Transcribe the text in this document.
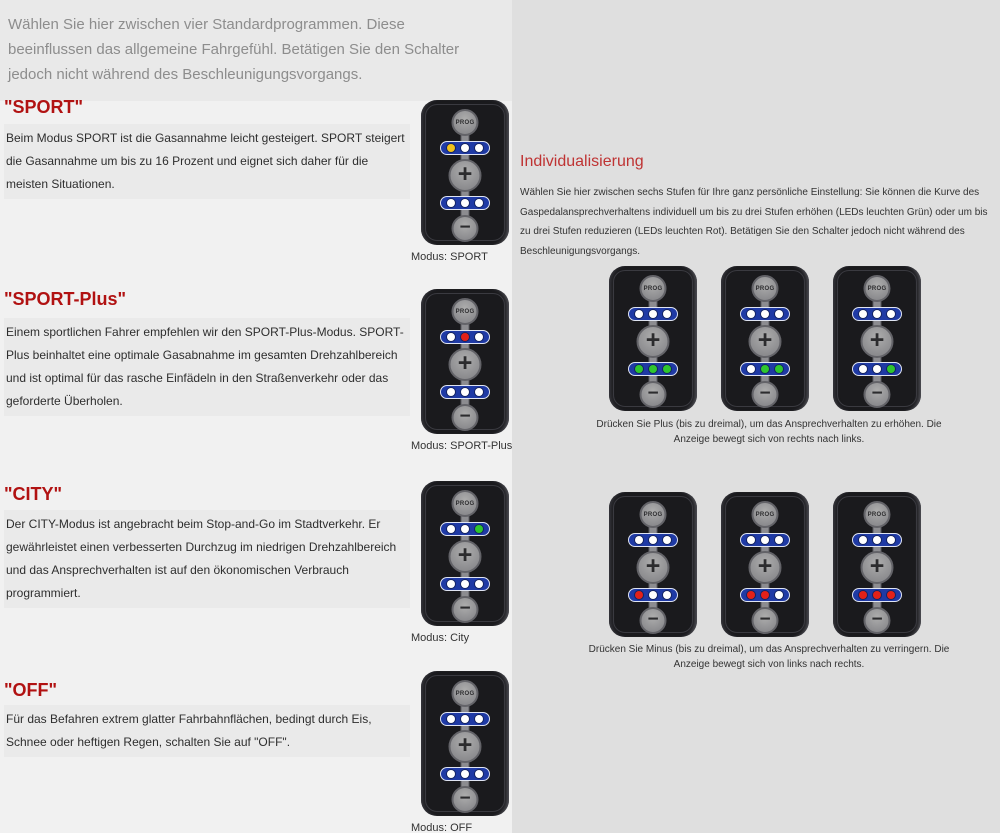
Wählen Sie hier zwischen vier Standardprogrammen. Diese beeinflussen das allgemeine Fahrgefühl. Betätigen Sie den Schalter jedoch nicht während des Beschleunigungsvorgangs.

"SPORT"

Beim Modus SPORT ist die Gasannahme leicht gesteigert. SPORT steigert die Gasannahme um bis zu 16 Prozent und eignet sich daher für die meisten Situationen.

"SPORT-Plus"

Einem sportlichen Fahrer empfehlen wir den SPORT-Plus-Modus. SPORT-Plus beinhaltet eine optimale Gasabnahme im gesamten Drehzahlbereich und ist optimal für das rasche Einfädeln in den Straßenverkehr oder das geforderte Überholen.

"CITY"

Der CITY-Modus ist angebracht beim Stop-and-Go im Stadtverkehr. Er gewährleistet einen verbesserten Durchzug im niedrigen Drehzahlbereich und das Ansprechverhalten ist auf den ökonomischen Verbrauch programmiert.

"OFF"

Für das Befahren extrem glatter Fahrbahnflächen, bedingt durch Eis, Schnee oder heftigen Regen, schalten Sie auf "OFF".

PROG
+
−

Modus: SPORT

PROG
+
−

Modus: SPORT-Plus

PROG
+
−

Modus: City

PROG
+
−

Modus: OFF

Individualisierung

Wählen Sie hier zwischen sechs Stufen für Ihre ganz persönliche Einstellung: Sie können die Kurve des Gaspedalansprechverhaltens individuell um bis zu drei Stufen erhöhen (LEDs leuchten Grün) oder um bis zu drei Stufen reduzieren (LEDs leuchten Rot). Betätigen Sie den Schalter jedoch nicht während des Beschleunigungsvorgangs.

PROG
+
−
PROG
+
−
PROG
+
−

Drücken Sie Plus (bis zu dreimal), um das Ansprechverhalten zu erhöhen. Die Anzeige bewegt sich von rechts nach links.

PROG
+
−
PROG
+
−
PROG
+
−

Drücken Sie Minus (bis zu dreimal), um das Ansprechverhalten zu verringern. Die Anzeige bewegt sich von links nach rechts.
